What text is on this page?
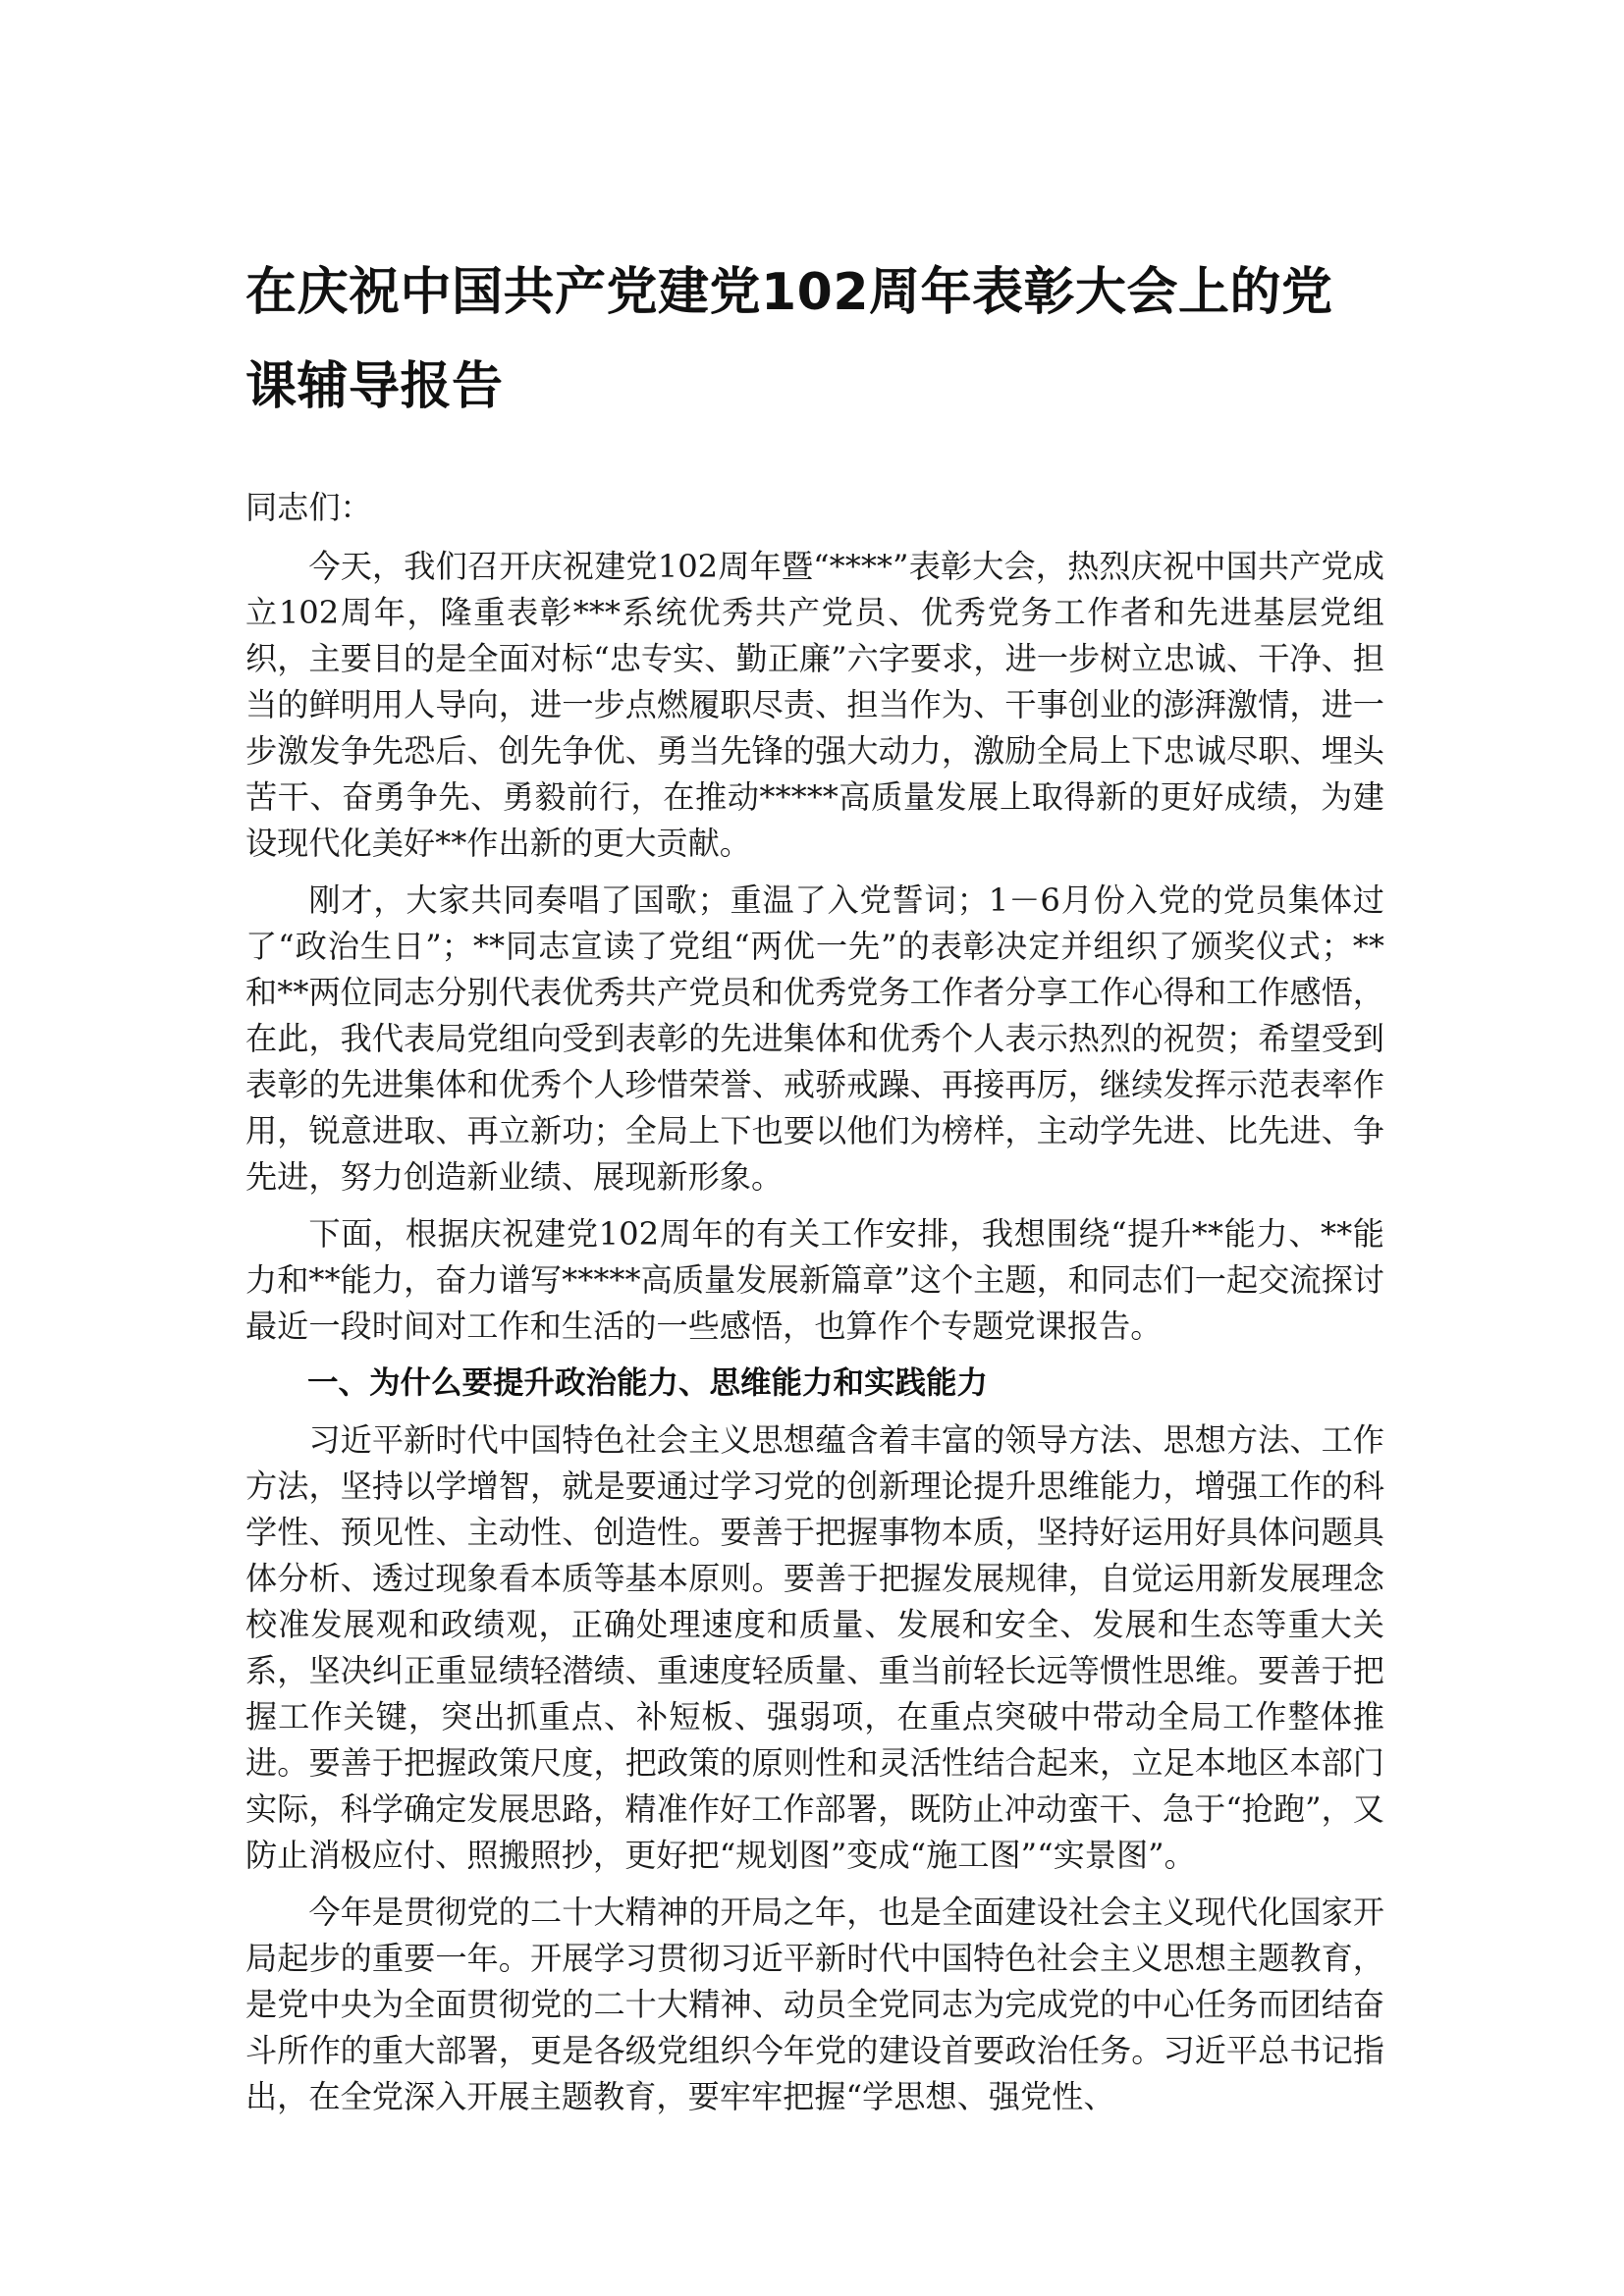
在庆祝中国共产党建党102周年表彰大会上的党课辅导报告

同志们：

今天，我们召开庆祝建党102周年暨“****”表彰大会，热烈庆祝中国共产党成立102周年，隆重表彰***系统优秀共产党员、优秀党务工作者和先进基层党组织，主要目的是全面对标“忠专实、勤正廉”六字要求，进一步树立忠诚、干净、担当的鲜明用人导向，进一步点燃履职尽责、担当作为、干事创业的澎湃激情，进一步激发争先恐后、创先争优、勇当先锋的强大动力，激励全局上下忠诚尽职、埋头苦干、奋勇争先、勇毅前行，在推动*****高质量发展上取得新的更好成绩，为建设现代化美好**作出新的更大贡献。

刚才，大家共同奏唱了国歌；重温了入党誓词；1－6月份入党的党员集体过了“政治生日”；**同志宣读了党组“两优一先”的表彰决定并组织了颁奖仪式；**和**两位同志分别代表优秀共产党员和优秀党务工作者分享工作心得和工作感悟，在此，我代表局党组向受到表彰的先进集体和优秀个人表示热烈的祝贺；希望受到表彰的先进集体和优秀个人珍惜荣誉、戒骄戒躁、再接再厉，继续发挥示范表率作用，锐意进取、再立新功；全局上下也要以他们为榜样，主动学先进、比先进、争先进，努力创造新业绩、展现新形象。

下面，根据庆祝建党102周年的有关工作安排，我想围绕“提升**能力、**能力和**能力，奋力谱写*****高质量发展新篇章”这个主题，和同志们一起交流探讨最近一段时间对工作和生活的一些感悟，也算作个专题党课报告。

一、为什么要提升政治能力、思维能力和实践能力

习近平新时代中国特色社会主义思想蕴含着丰富的领导方法、思想方法、工作方法，坚持以学增智，就是要通过学习党的创新理论提升思维能力，增强工作的科学性、预见性、主动性、创造性。要善于把握事物本质，坚持好运用好具体问题具体分析、透过现象看本质等基本原则。要善于把握发展规律，自觉运用新发展理念校准发展观和政绩观，正确处理速度和质量、发展和安全、发展和生态等重大关系，坚决纠正重显绩轻潜绩、重速度轻质量、重当前轻长远等惯性思维。要善于把握工作关键，突出抓重点、补短板、强弱项，在重点突破中带动全局工作整体推进。要善于把握政策尺度，把政策的原则性和灵活性结合起来，立足本地区本部门实际，科学确定发展思路，精准作好工作部署，既防止冲动蛮干、急于“抢跑”，又防止消极应付、照搬照抄，更好把“规划图”变成“施工图”“实景图”。

今年是贯彻党的二十大精神的开局之年，也是全面建设社会主义现代化国家开局起步的重要一年。开展学习贯彻习近平新时代中国特色社会主义思想主题教育，是党中央为全面贯彻党的二十大精神、动员全党同志为完成党的中心任务而团结奋斗所作的重大部署，更是各级党组织今年党的建设首要政治任务。习近平总书记指出，在全党深入开展主题教育，要牢牢把握“学思想、强党性、
